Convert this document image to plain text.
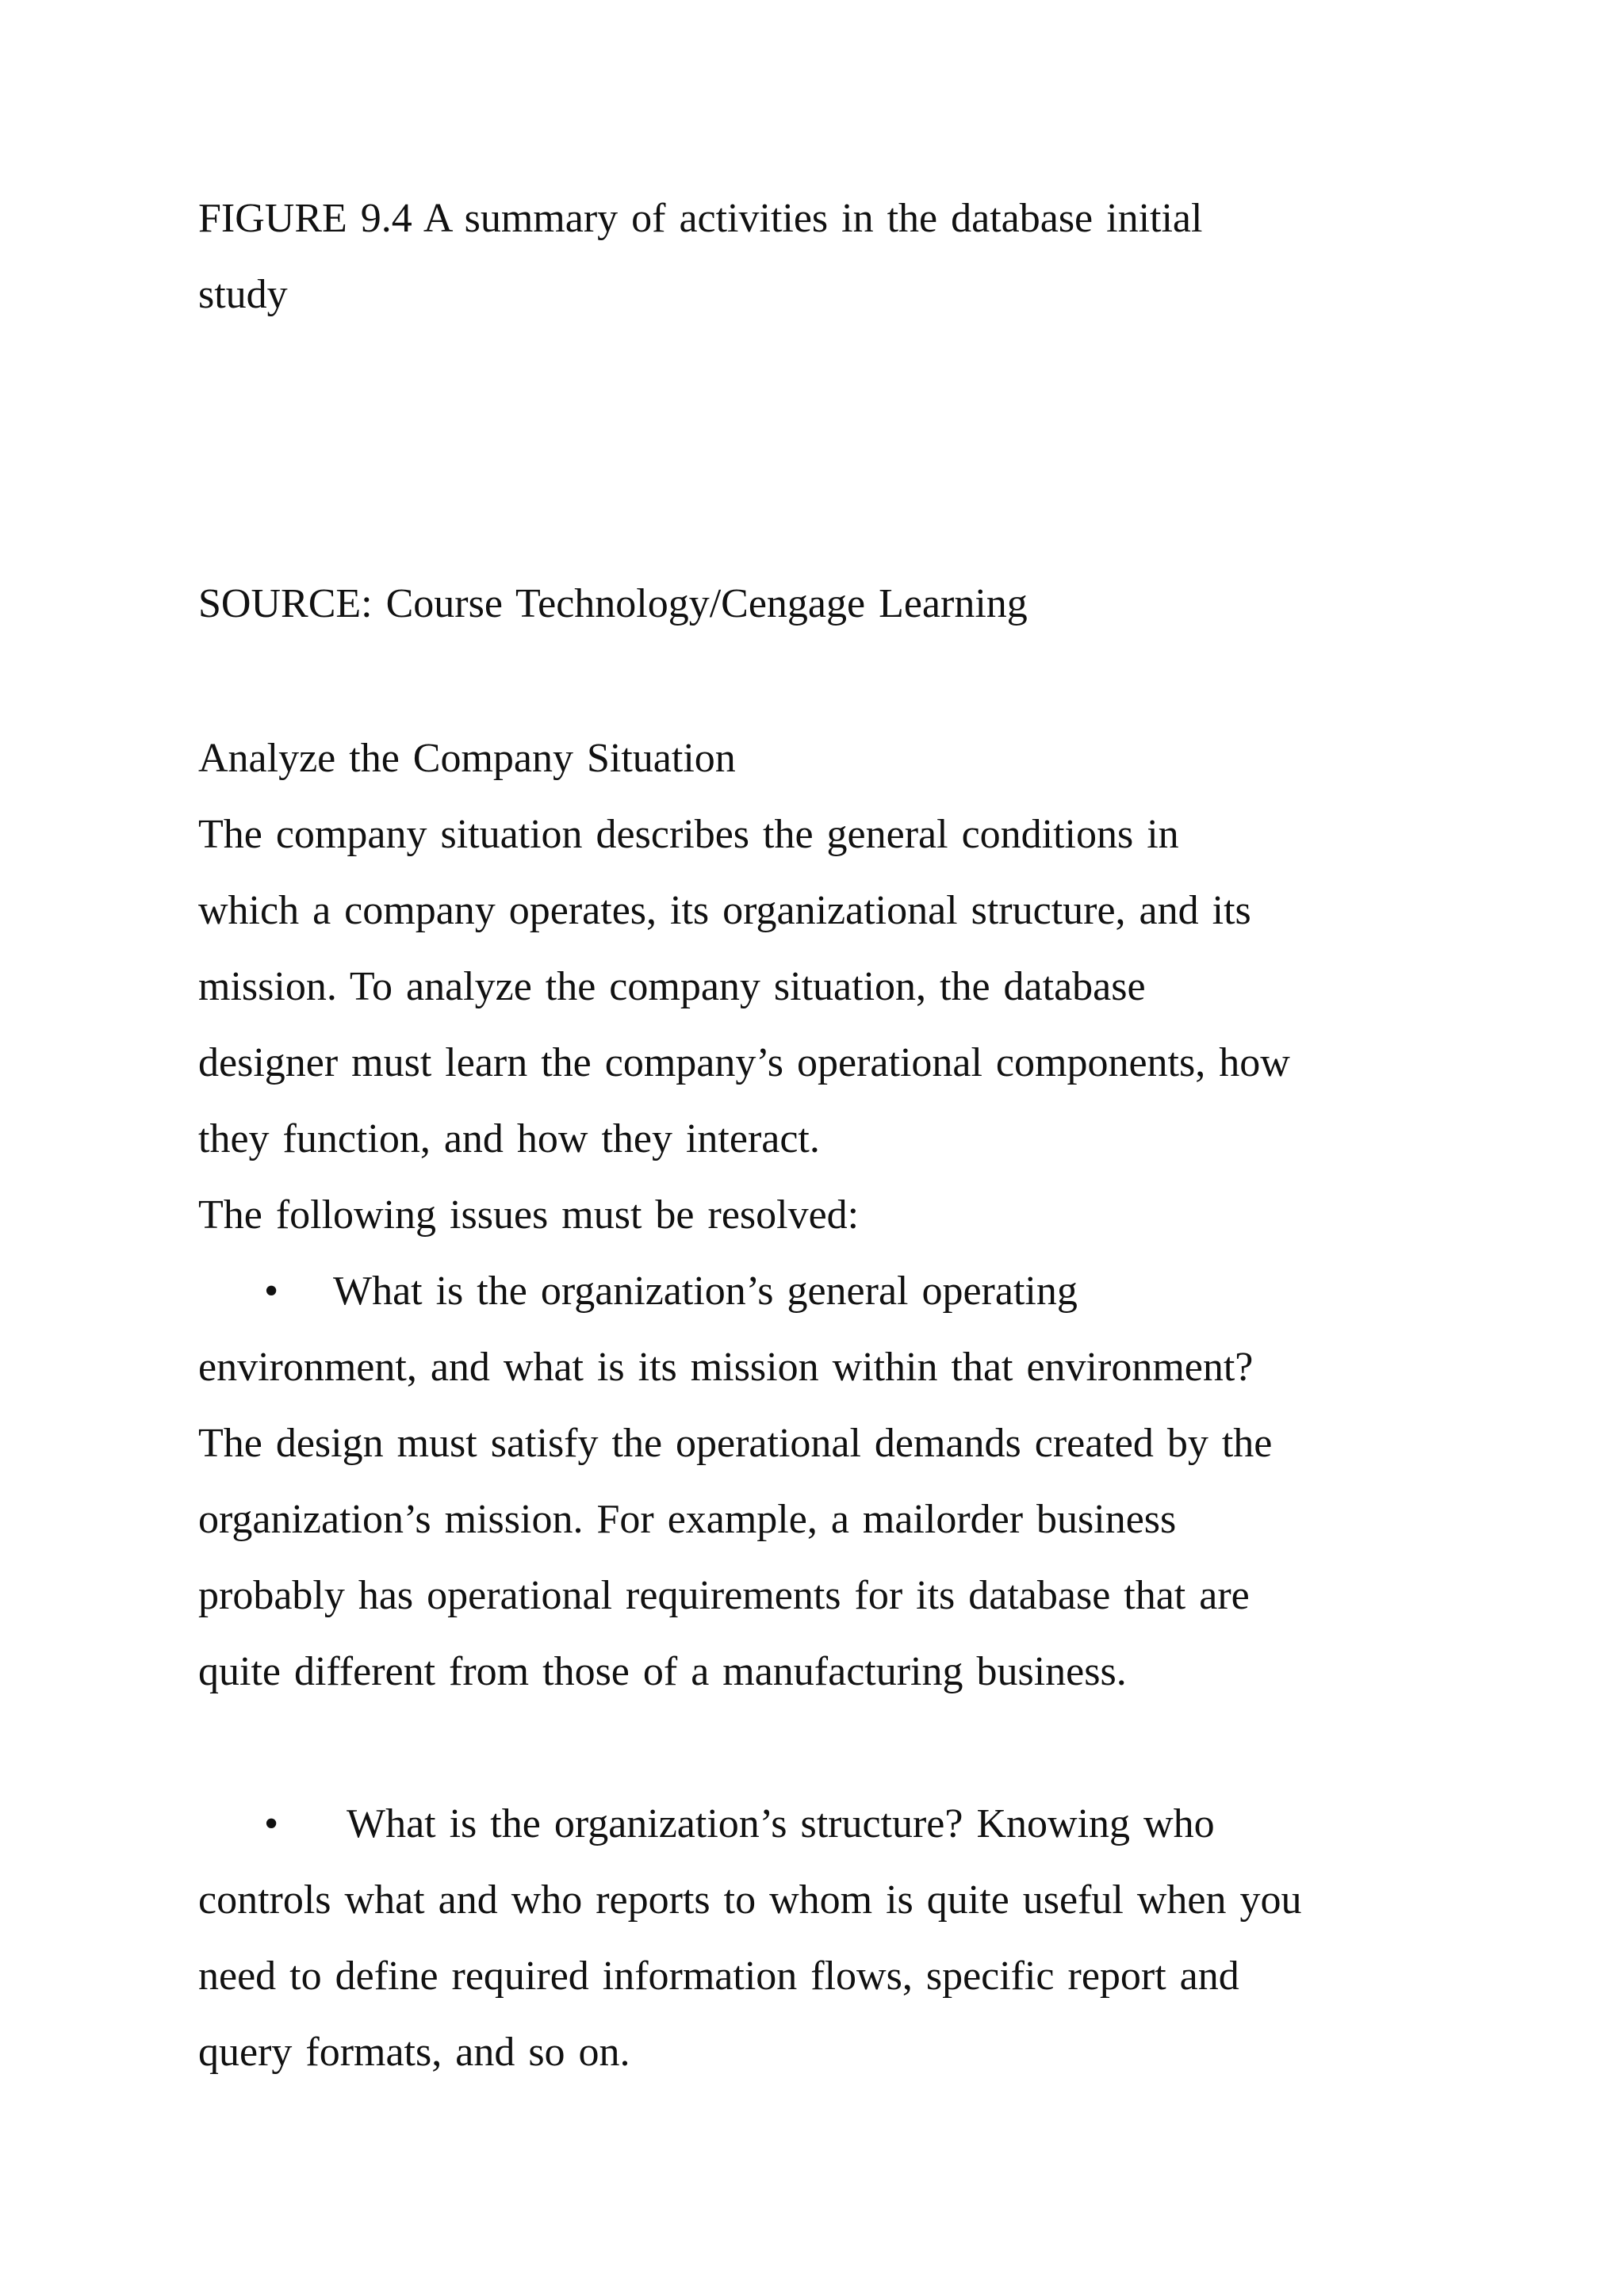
FIGURE 9.4 A summary of activities in the database initial

study

SOURCE: Course Technology/Cengage Learning

Analyze the Company Situation

The company situation describes the general conditions in

which a company operates, its organizational structure, and its

mission. To analyze the company situation, the database

designer must learn the company’s operational components, how

they function, and how they interact.

The following issues must be resolved:

• What is the organization’s general operating

environment, and what is its mission within that environment?

The design must satisfy the operational demands created by the

organization’s mission. For example, a mailorder business

probably has operational requirements for its database that are

quite different from those of a manufacturing business.

• What is the organization’s structure? Knowing who

controls what and who reports to whom is quite useful when you

need to define required information flows, specific report and

query formats, and so on.
